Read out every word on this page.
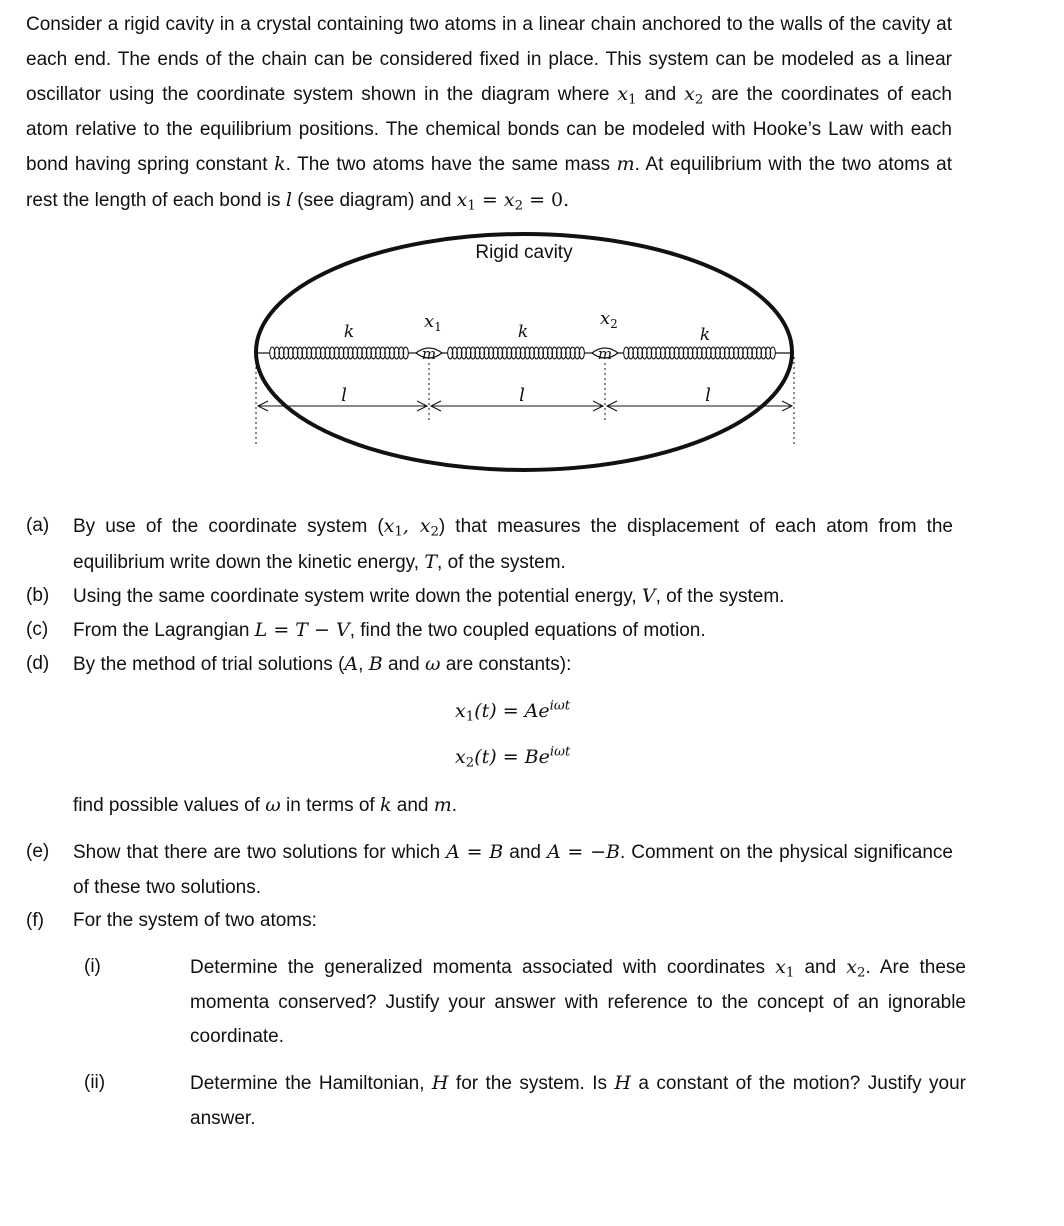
Consider a rigid cavity in a crystal containing two atoms in a linear chain anchored to the walls of the cavity at each end. The ends of the chain can be considered fixed in place. This system can be modeled as a linear oscillator using the coordinate system shown in the diagram where $x_1$ and $x_2$ are the coordinates of each atom relative to the equilibrium positions. The chemical bonds can be modeled with Hooke’s Law with each bond having spring constant k. The two atoms have the same mass m. At equilibrium with the two atoms at rest the length of each bond is l (see diagram) and $x_1 = x_2 = 0$.

Rigid cavity
m	m
$x_1$	$x_2$
k	k	k
l	l	l
(a) By use of the coordinate system ($x_1$, $x_2$) that measures the displacement of each atom from the equilibrium write down the kinetic energy, T, of the system.
(b) Using the same coordinate system write down the potential energy, V, of the system.
(c) From the Lagrangian L = T − V, find the two coupled equations of motion.
(d) By the method of trial solutions (A, B and ω are constants):
$x_1(t) = Ae^{i\omega t}$
$x_2(t) = Be^{i\omega t}$
find possible values of ω in terms of k and m.
(e) Show that there are two solutions for which A = B and A = −B. Comment on the physical significance of these two solutions.
(f) For the system of two atoms:
(i)	Determine the generalized momenta associated with coordinates $x_1$ and $x_2$. Are these momenta conserved? Justify your answer with reference to the concept of an ignorable coordinate.
(ii)	Determine the Hamiltonian, H for the system. Is H a constant of the motion? Justify your answer.
